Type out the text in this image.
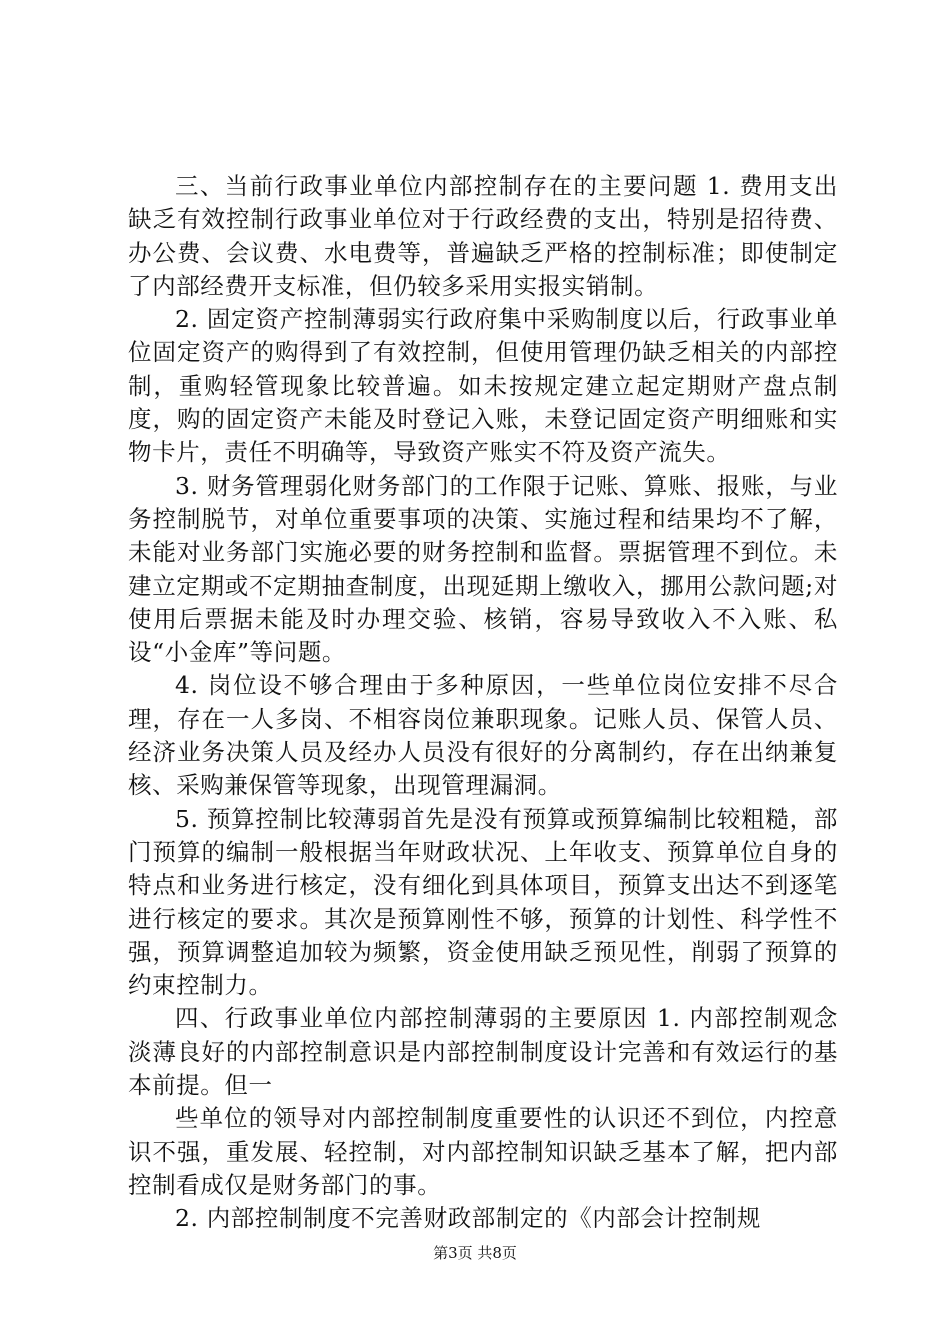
三、当前行政事业单位内部控制存在的主要问题 1. 费用支出缺乏有效控制行政事业单位对于行政经费的支出，特别是招待费、办公费、会议费、水电费等，普遍缺乏严格的控制标准；即使制定了内部经费开支标准，但仍较多采用实报实销制。

2. 固定资产控制薄弱实行政府集中采购制度以后，行政事业单位固定资产的购得到了有效控制，但使用管理仍缺乏相关的内部控制，重购轻管现象比较普遍。如未按规定建立起定期财产盘点制度，购的固定资产未能及时登记入账，未登记固定资产明细账和实物卡片，责任不明确等，导致资产账实不符及资产流失。

3. 财务管理弱化财务部门的工作限于记账、算账、报账，与业务控制脱节，对单位重要事项的决策、实施过程和结果均不了解，未能对业务部门实施必要的财务控制和监督。票据管理不到位。未建立定期或不定期抽查制度，出现延期上缴收入，挪用公款问题;对使用后票据未能及时办理交验、核销，容易导致收入不入账、私设“小金库”等问题。

4. 岗位设不够合理由于多种原因，一些单位岗位安排不尽合理，存在一人多岗、不相容岗位兼职现象。记账人员、保管人员、经济业务决策人员及经办人员没有很好的分离制约，存在出纳兼复核、采购兼保管等现象，出现管理漏洞。

5. 预算控制比较薄弱首先是没有预算或预算编制比较粗糙，部门预算的编制一般根据当年财政状况、上年收支、预算单位自身的特点和业务进行核定，没有细化到具体项目，预算支出达不到逐笔进行核定的要求。其次是预算刚性不够，预算的计划性、科学性不强，预算调整追加较为频繁，资金使用缺乏预见性，削弱了预算的约束控制力。

四、行政事业单位内部控制薄弱的主要原因 1. 内部控制观念淡薄良好的内部控制意识是内部控制制度设计完善和有效运行的基本前提。但一

些单位的领导对内部控制制度重要性的认识还不到位，内控意识不强，重发展、轻控制，对内部控制知识缺乏基本了解，把内部控制看成仅是财务部门的事。

2. 内部控制制度不完善财政部制定的《内部会计控制规

第3页 共8页
